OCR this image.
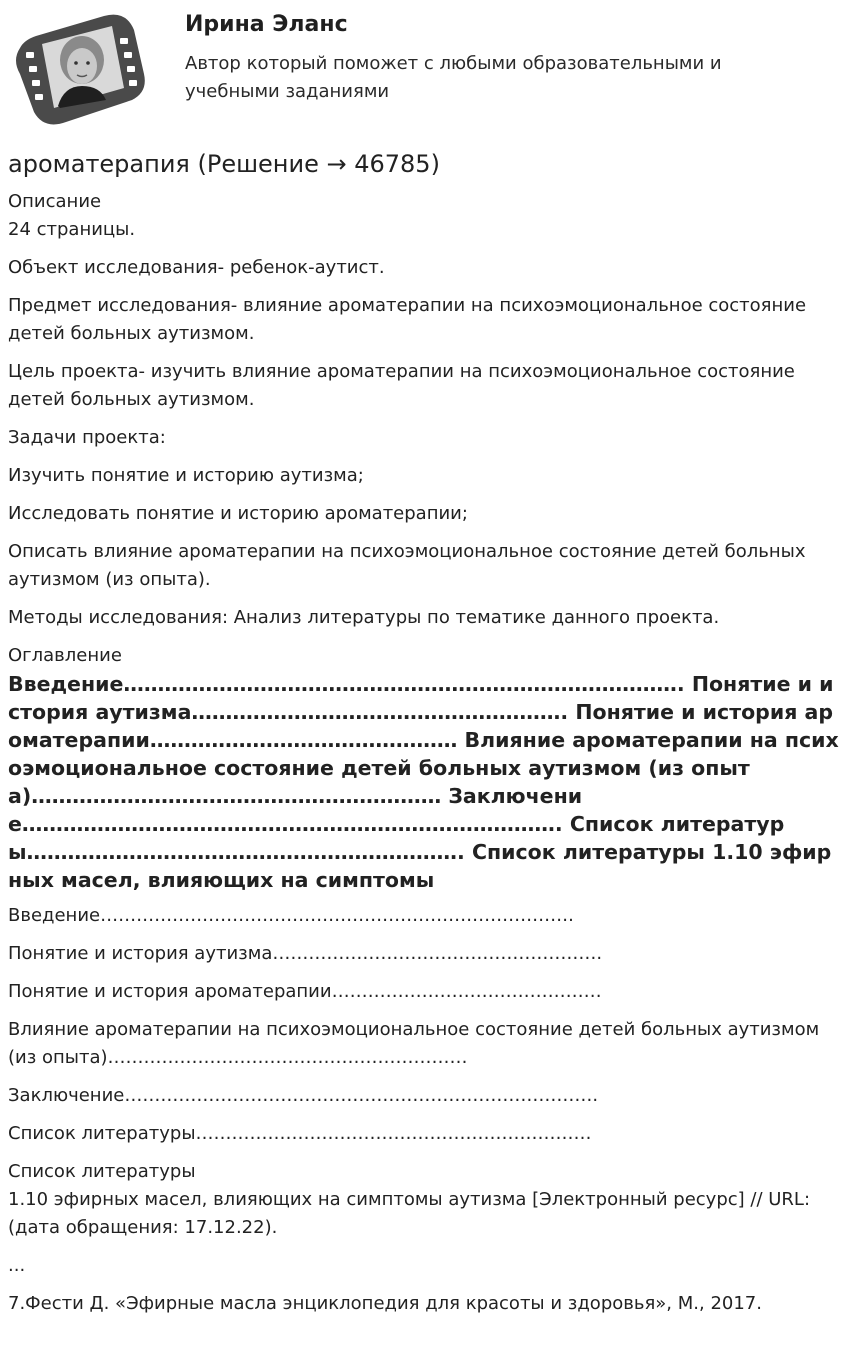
Ирина Эланс
Автор который поможет с любыми образовательными и учебными заданиями
ароматерапия (Решение → 46785)

Описание

24 страницы.

Объект исследования- ребенок-аутист.

Предмет исследования- влияние ароматерапии на психоэмоциональное состояние детей больных аутизмом.

Цель проекта- изучить влияние ароматерапии на психоэмоциональное состояние детей больных аутизмом.

Задачи проекта:

Изучить понятие и историю аутизма;

Исследовать понятие и историю ароматерапии;

Описать влияние ароматерапии на психоэмоциональное состояние детей больных аутизмом (из опыта).

Методы исследования: Анализ литературы по тематике данного проекта.

Оглавление

Введение………………………………………………………………………. Понятие и история аутизма………………………………………………. Понятие и история ароматерапии……………………………………… Влияние ароматерапии на психоэмоциональное состояние детей больных аутизмом (из опыта)…………………………………………………… Заключение……………………………………………………………………. Список литературы………………………………………………………. Список литературы 1.10 эфирных масел, влияющих на симптомы

Введение…………………………………………………………………….

Понятие и история аутизма……………………………………………….

Понятие и история ароматерапии………………………………………

Влияние ароматерапии на психоэмоциональное состояние детей больных аутизмом (из опыта)……………………………………………………

Заключение…………………………………………………………………….

Список литературы…………………………………………………………

Список литературы

1.10 эфирных масел, влияющих на симптомы аутизма [Электронный ресурс] // URL: (дата обращения: 17.12.22).

...

7.Фести Д. «Эфирные масла энциклопедия для красоты и здоровья», М., 2017.
